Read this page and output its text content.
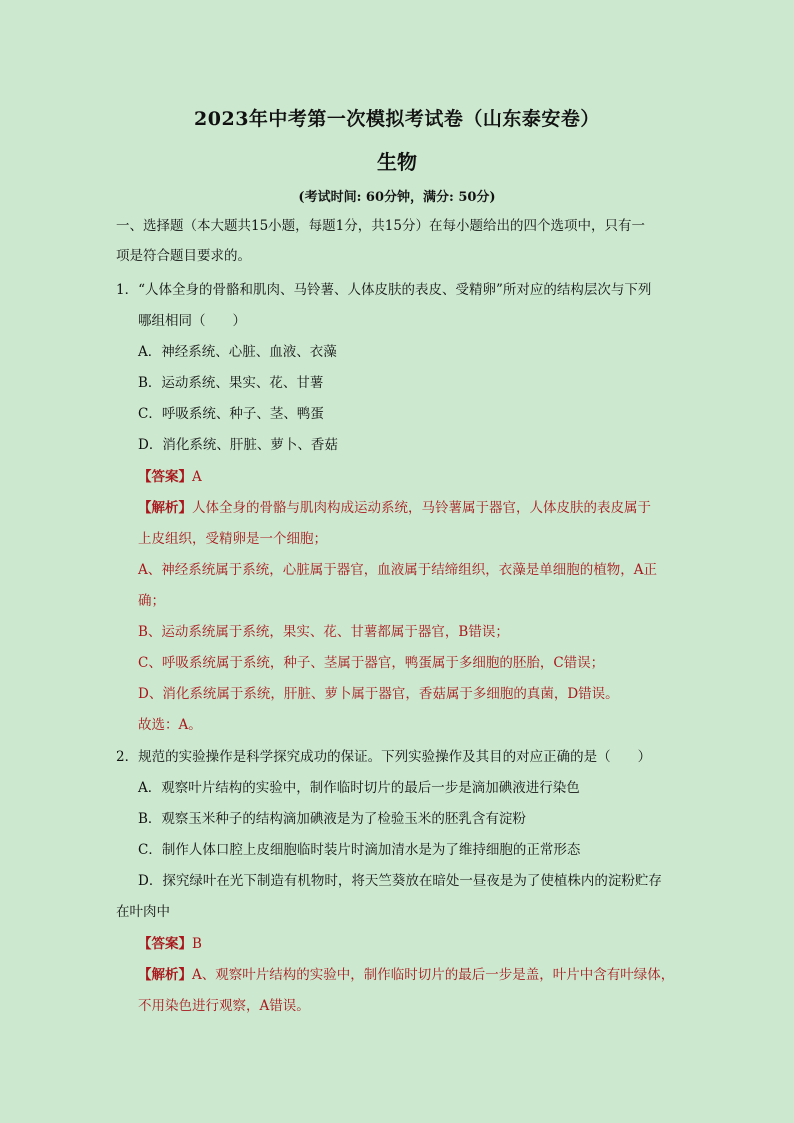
2023年中考第一次模拟考试卷（山东泰安卷）
生物
(考试时间: 60分钟，满分: 50分)
一、选择题（本大题共15小题，每题1分，共15分）在每小题给出的四个选项中，只有一
项是符合题目要求的。
1．“人体全身的骨骼和肌肉、马铃薯、人体皮肤的表皮、受精卵”所对应的结构层次与下列
哪组相同（　　）
A．神经系统、心脏、血液、衣藻
B．运动系统、果实、花、甘薯
C．呼吸系统、种子、茎、鸭蛋
D．消化系统、肝脏、萝卜、香菇
【答案】A
【解析】人体全身的骨骼与肌肉构成运动系统，马铃薯属于器官，人体皮肤的表皮属于
上皮组织，受精卵是一个细胞；
A、神经系统属于系统，心脏属于器官，血液属于结缔组织，衣藻是单细胞的植物，A正
确；
B、运动系统属于系统，果实、花、甘薯都属于器官，B错误；
C、呼吸系统属于系统，种子、茎属于器官，鸭蛋属于多细胞的胚胎，C错误；
D、消化系统属于系统，肝脏、萝卜属于器官，香菇属于多细胞的真菌，D错误。
故选：A。
2．规范的实验操作是科学探究成功的保证。下列实验操作及其目的对应正确的是（　　）
A．观察叶片结构的实验中，制作临时切片的最后一步是滴加碘液进行染色
B．观察玉米种子的结构滴加碘液是为了检验玉米的胚乳含有淀粉
C．制作人体口腔上皮细胞临时装片时滴加清水是为了维持细胞的正常形态
D．探究绿叶在光下制造有机物时，将天竺葵放在暗处一昼夜是为了使植株内的淀粉贮存
在叶肉中
【答案】B
【解析】A、观察叶片结构的实验中，制作临时切片的最后一步是盖，叶片中含有叶绿体，
不用染色进行观察，A错误。
